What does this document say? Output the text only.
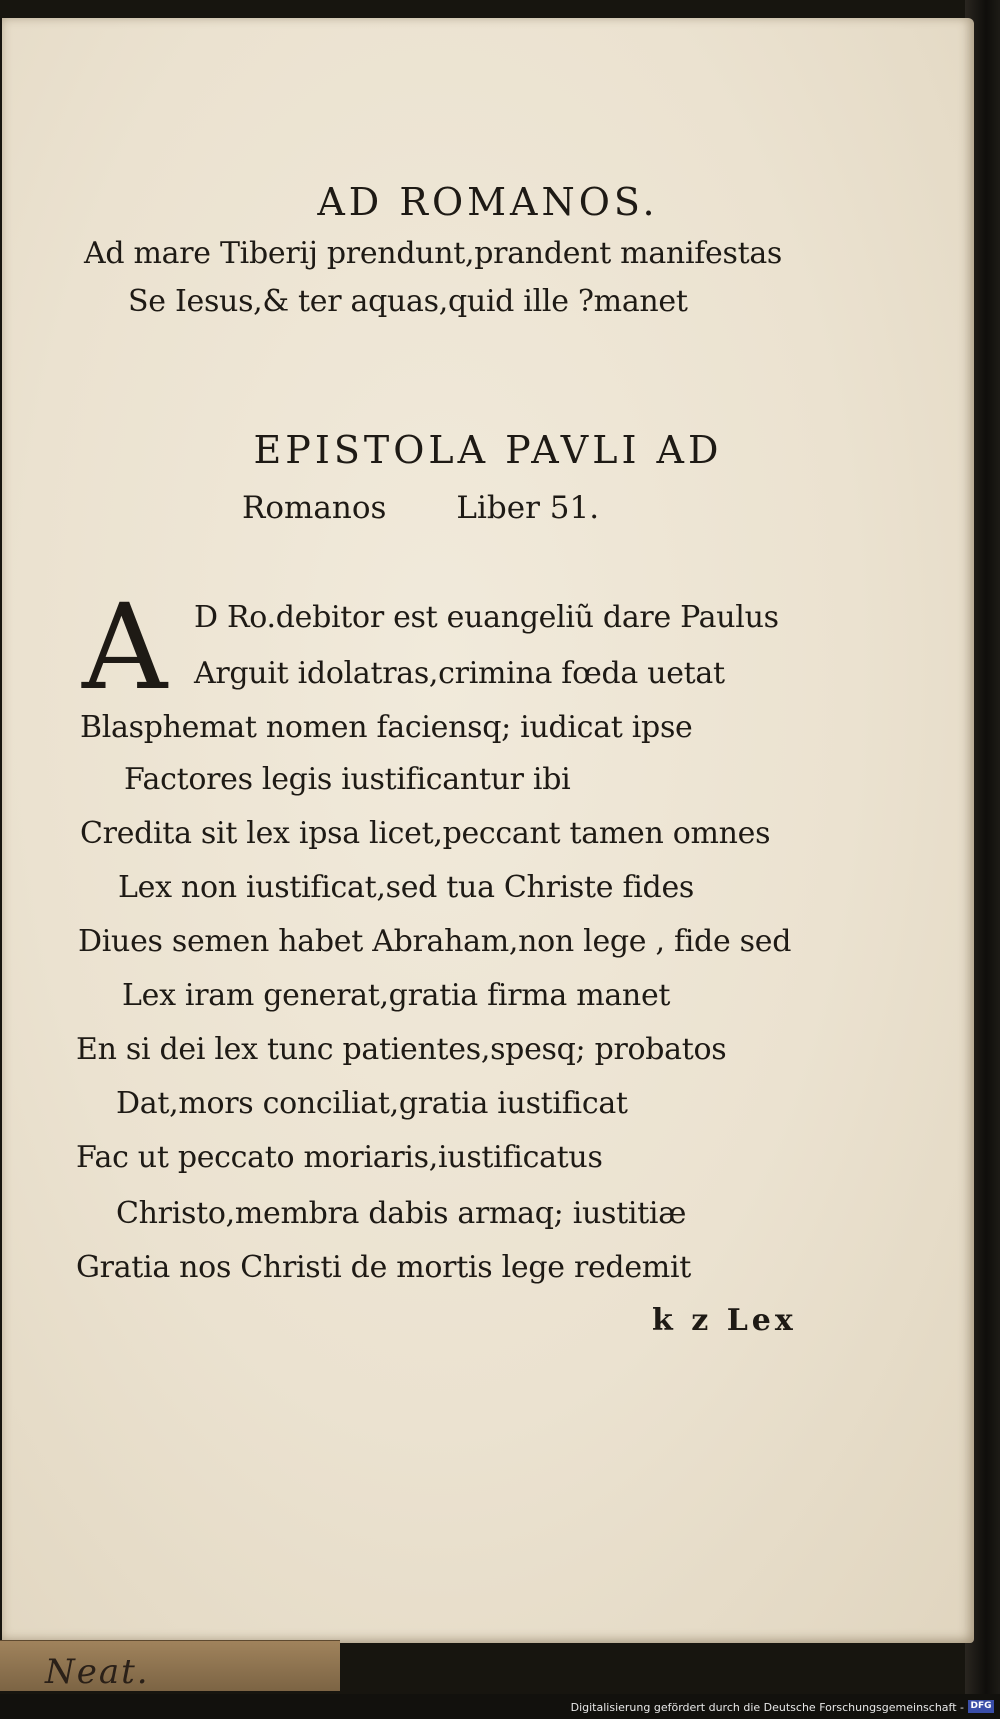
AD ROMANOS.
Ad mare Tiberij prendunt,prandent manifestas
Se Iesus,& ter aquas,quid ille ?manet
EPISTOLA PAVLI AD
Romanos Liber 51.
A D Ro.debitor est euangeliũ dare Paulus
Arguit idolatras,crimina fœda uetat
Blasphemat nomen faciensq; iudicat ipse
Factores legis iustificantur ibi
Credita sit lex ipsa licet,peccant tamen omnes
Lex non iustificat,sed tua Christe fides
Diues semen habet Abraham,non lege , fide sed
Lex iram generat,gratia firma manet
En si dei lex tunc patientes,spesq; probatos
Dat,mors conciliat,gratia iustificat
Fac ut peccato moriaris,iustificatus
Christo,membra dabis armaq; iustitiæ
Gratia nos Christi de mortis lege redemit
k z Lex
Neat.
Digitalisierung gefördert durch die Deutsche Forschungsgemeinschaft - DFG
